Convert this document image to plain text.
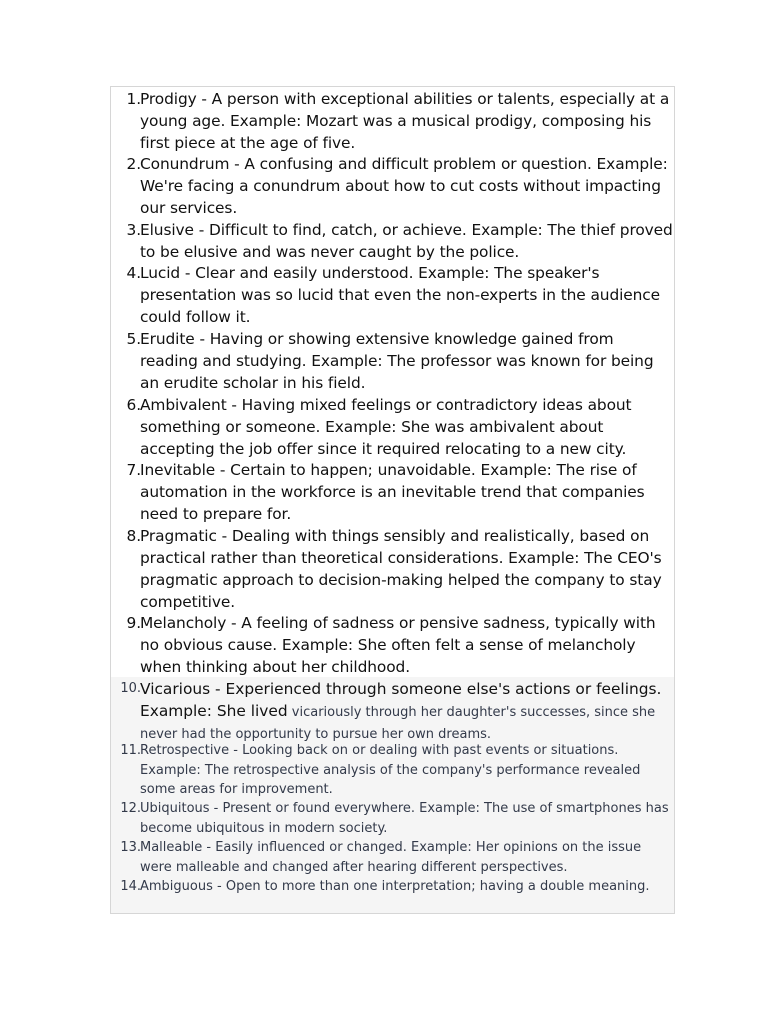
1. Prodigy - A person with exceptional abilities or talents, especially at a young age. Example: Mozart was a musical prodigy, composing his first piece at the age of five.
2. Conundrum - A confusing and difficult problem or question. Example: We're facing a conundrum about how to cut costs without impacting our services.
3. Elusive - Difficult to find, catch, or achieve. Example: The thief proved to be elusive and was never caught by the police.
4. Lucid - Clear and easily understood. Example: The speaker's presentation was so lucid that even the non-experts in the audience could follow it.
5. Erudite - Having or showing extensive knowledge gained from reading and studying. Example: The professor was known for being an erudite scholar in his field.
6. Ambivalent - Having mixed feelings or contradictory ideas about something or someone. Example: She was ambivalent about accepting the job offer since it required relocating to a new city.
7. Inevitable - Certain to happen; unavoidable. Example: The rise of automation in the workforce is an inevitable trend that companies need to prepare for.
8. Pragmatic - Dealing with things sensibly and realistically, based on practical rather than theoretical considerations. Example: The CEO's pragmatic approach to decision-making helped the company to stay competitive.
9. Melancholy - A feeling of sadness or pensive sadness, typically with no obvious cause. Example: She often felt a sense of melancholy when thinking about her childhood.
10. Vicarious - Experienced through someone else's actions or feelings. Example: She lived vicariously through her daughter's successes, since she never had the opportunity to pursue her own dreams.
11. Retrospective - Looking back on or dealing with past events or situations. Example: The retrospective analysis of the company's performance revealed some areas for improvement.
12. Ubiquitous - Present or found everywhere. Example: The use of smartphones has become ubiquitous in modern society.
13. Malleable - Easily influenced or changed. Example: Her opinions on the issue were malleable and changed after hearing different perspectives.
14. Ambiguous - Open to more than one interpretation; having a double meaning.
